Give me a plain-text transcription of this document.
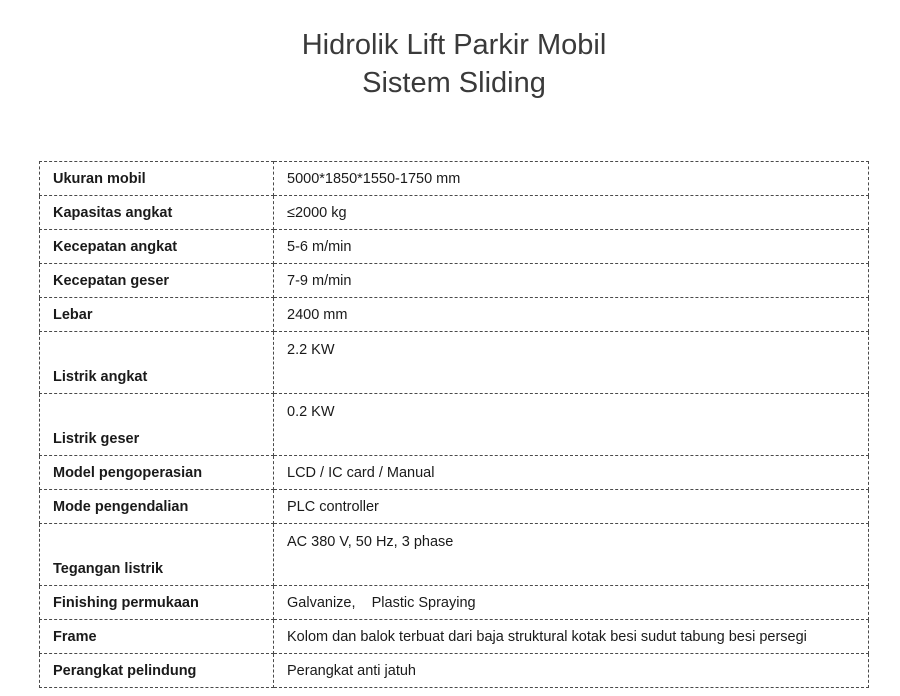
Hidrolik Lift Parkir Mobil
Sistem Sliding
Ukuran mobil	5000*1850*1550-1750 mm
Kapasitas angkat	≤2000 kg
Kecepatan angkat	5-6 m/min
Kecepatan geser	7-9 m/min
Lebar	2400 mm
Listrik angkat	2.2 KW
Listrik geser	0.2 KW
Model pengoperasian	LCD / IC card / Manual
Mode pengendalian	PLC controller
Tegangan listrik	AC 380 V, 50 Hz, 3 phase
Finishing permukaan	Galvanize,    Plastic Spraying
Frame	Kolom dan balok terbuat dari baja struktural kotak besi sudut tabung besi persegi
Perangkat pelindung	Perangkat anti jatuh
